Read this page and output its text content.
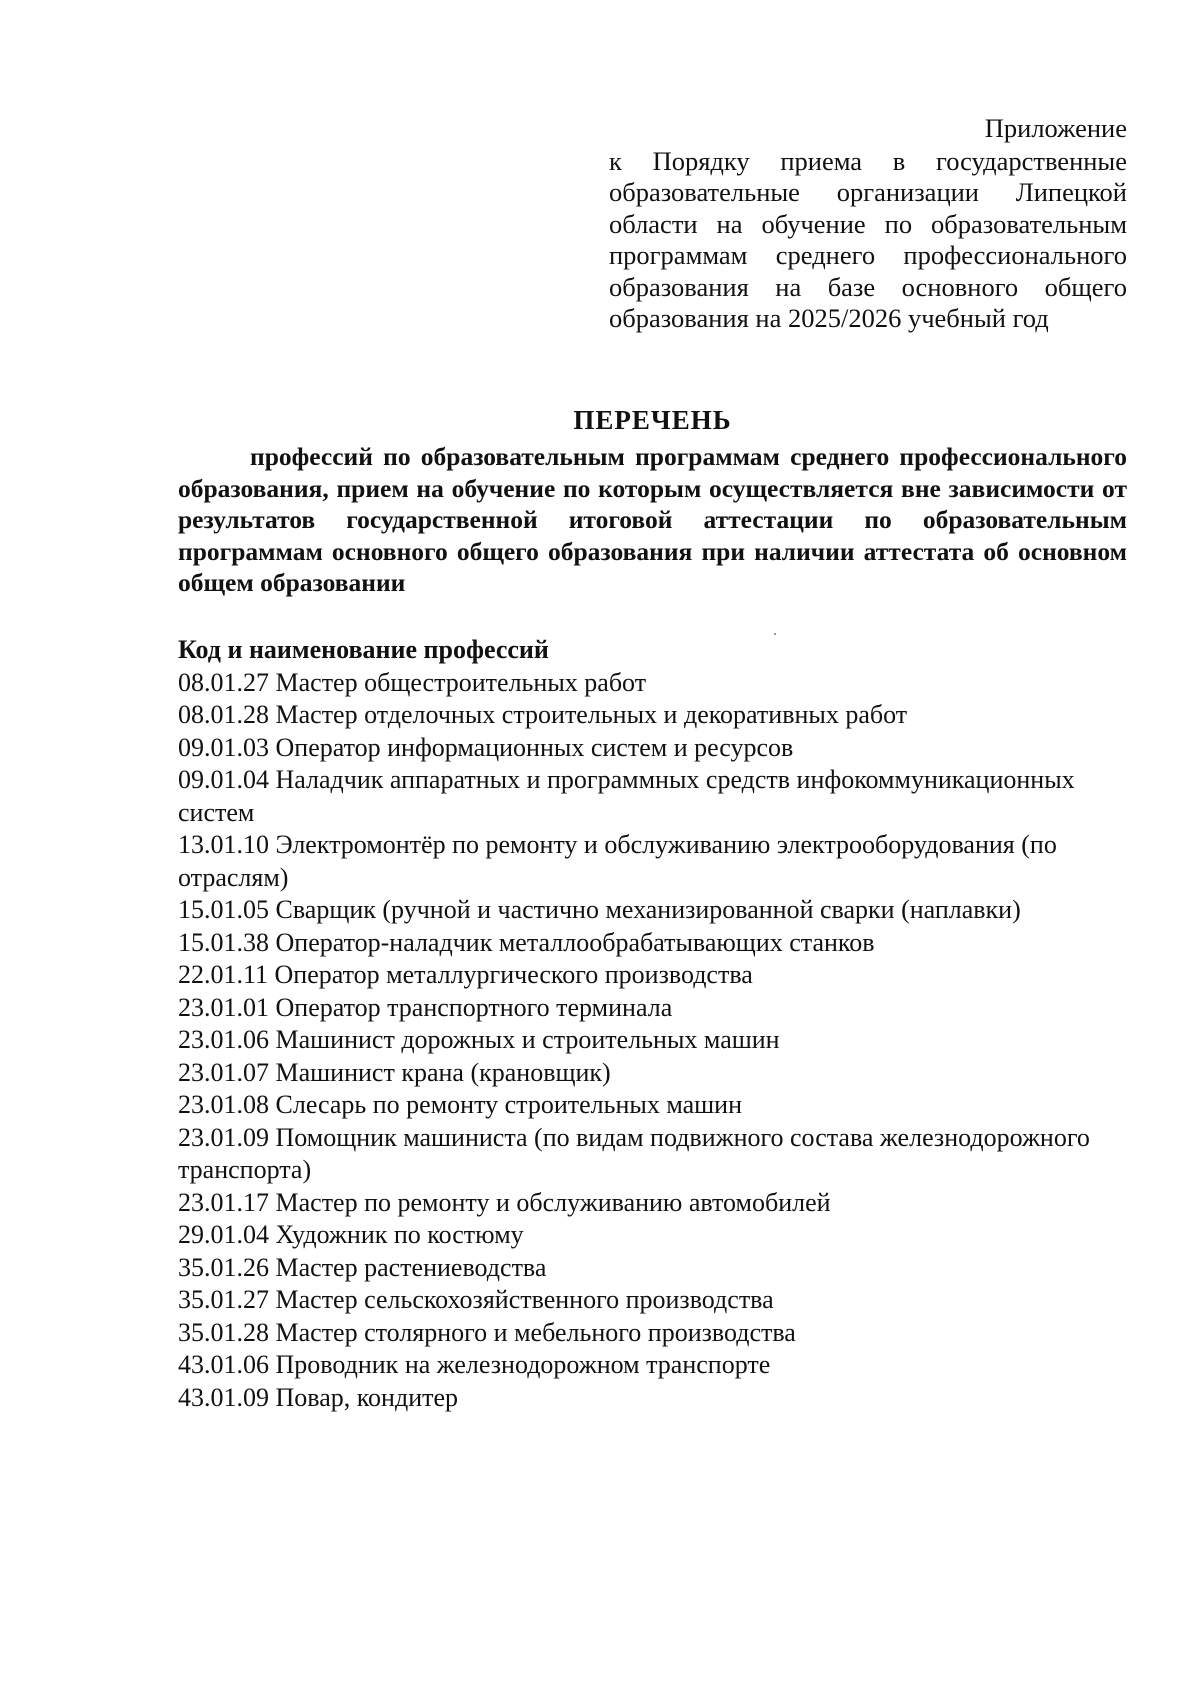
Приложение
к Порядку приема в государственные образовательные организации Липецкой области на обучение по образовательным программам среднего профессионального образования на базе основного общего образования на 2025/2026 учебный год
ПЕРЕЧЕНЬ
профессий по образовательным программам среднего профессионального образования, прием на обучение по которым осуществляется вне зависимости от результатов государственной итоговой аттестации по образовательным программам основного общего образования при наличии аттестата об основном общем образовании
Код и наименование профессий
08.01.27 Мастер общестроительных работ
08.01.28 Мастер отделочных строительных и декоративных работ
09.01.03 Оператор информационных систем и ресурсов
09.01.04 Наладчик аппаратных и программных средств инфокоммуникационных систем
13.01.10 Электромонтёр по ремонту и обслуживанию электрооборудования (по отраслям)
15.01.05 Сварщик (ручной и частично механизированной сварки (наплавки)
15.01.38 Оператор-наладчик металлообрабатывающих станков
22.01.11 Оператор металлургического производства
23.01.01 Оператор транспортного терминала
23.01.06 Машинист дорожных и строительных машин
23.01.07 Машинист крана (крановщик)
23.01.08 Слесарь по ремонту строительных машин
23.01.09 Помощник машиниста (по видам подвижного состава железнодорожного транспорта)
23.01.17 Мастер по ремонту и обслуживанию автомобилей
29.01.04 Художник по костюму
35.01.26 Мастер растениеводства
35.01.27 Мастер сельскохозяйственного производства
35.01.28 Мастер столярного и мебельного производства
43.01.06 Проводник на железнодорожном транспорте
43.01.09 Повар, кондитер
